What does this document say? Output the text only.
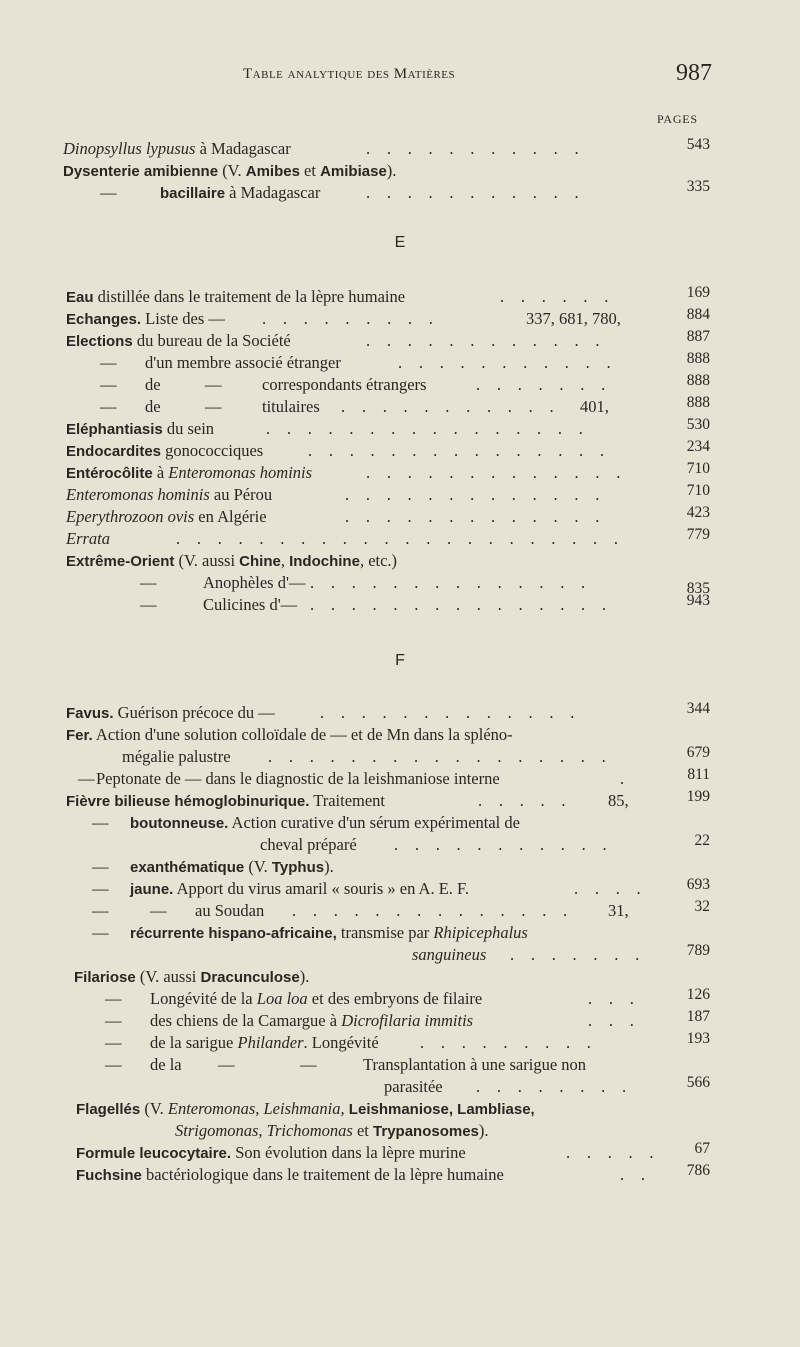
Table analytique des Matières	987
PAGES
Dinopsyllus lypusus à Madagascar	. . . . . . . . . . .	543
Dysenterie amibienne (V. Amibes et Amibiase).
—	bacillaire à Madagascar	. . . . . . . . . . .	335
E
Eau distillée dans le traitement de la lèpre humaine	. . . . . .	169
Echanges. Liste des — . . . . . . . . .	337, 681, 780,	884
Elections du bureau de la Société	. . . . . . . . . . . .	887
— d'un membre associé étranger	. . . . . . . . . . .	888
— de	— correspondants étrangers	. . . . . . .	888
— de	— titulaires . . . . . . . . . . . 401,	888
Eléphantiasis du sein	. . . . . . . . . . . . . . . .	530
Endocardites gonococciques	. . . . . . . . . . . . . . .	234
Entérocôlite à Enteromonas hominis	. . . . . . . . . . . . .	710
Enteromonas hominis au Pérou	. . . . . . . . . . . . .	710
Eperythrozoon ovis en Algérie	. . . . . . . . . . . . .	423
Errata	. . . . . . . . . . . . . . . . . . . . . .	779
Extrême-Orient (V. aussi Chine, Indochine, etc.)
—	Anophèles d'— . . . . . . . . . . . . . .	835
—	Culicines d'— . . . . . . . . . . . . . . .	943
F
Favus. Guérison précoce du —	. . . . . . . . . . . . .	344
Fer. Action d'une solution colloïdale de — et de Mn dans la spléno-
mégalie palustre . . . . . . . . . . . . . . . . .	679
— Peptonate de — dans le diagnostic de la leishmaniose interne	.	811
Fièvre bilieuse hémoglobinurique. Traitement	. . . . . 85,	199
— boutonneuse. Action curative d'un sérum expérimental de
cheval préparé . . . . . . . . . . .	22
— exanthématique (V. Typhus).
— jaune. Apport du virus amaril « souris » en A. E. F.	. . . .	693
—	— au Soudan . . . . . . . . . . . . . . 31,	32
— récurrente hispano-africaine, transmise par Rhipicephalus
sanguineus . . . . . . .	789
Filariose (V. aussi Dracunculose).
— Longévité de la Loa loa et des embryons de filaire	. . .	126
— des chiens de la Camargue à Dicrofilaria immitis	. . .	187
— de la sarigue Philander. Longévité	. . . . . . . . .	193
— de la —	—	Transplantation à une sarigue non
parasitée . . . . . . . .	566
Flagellés (V. Enteromonas, Leishmania, Leishmaniose, Lambliase,
Strigomonas, Trichomonas et Trypanosomes).
Formule leucocytaire. Son évolution dans la lèpre murine	. . . . .	67
Fuchsine bactériologique dans le traitement de la lèpre humaine	. .	786
